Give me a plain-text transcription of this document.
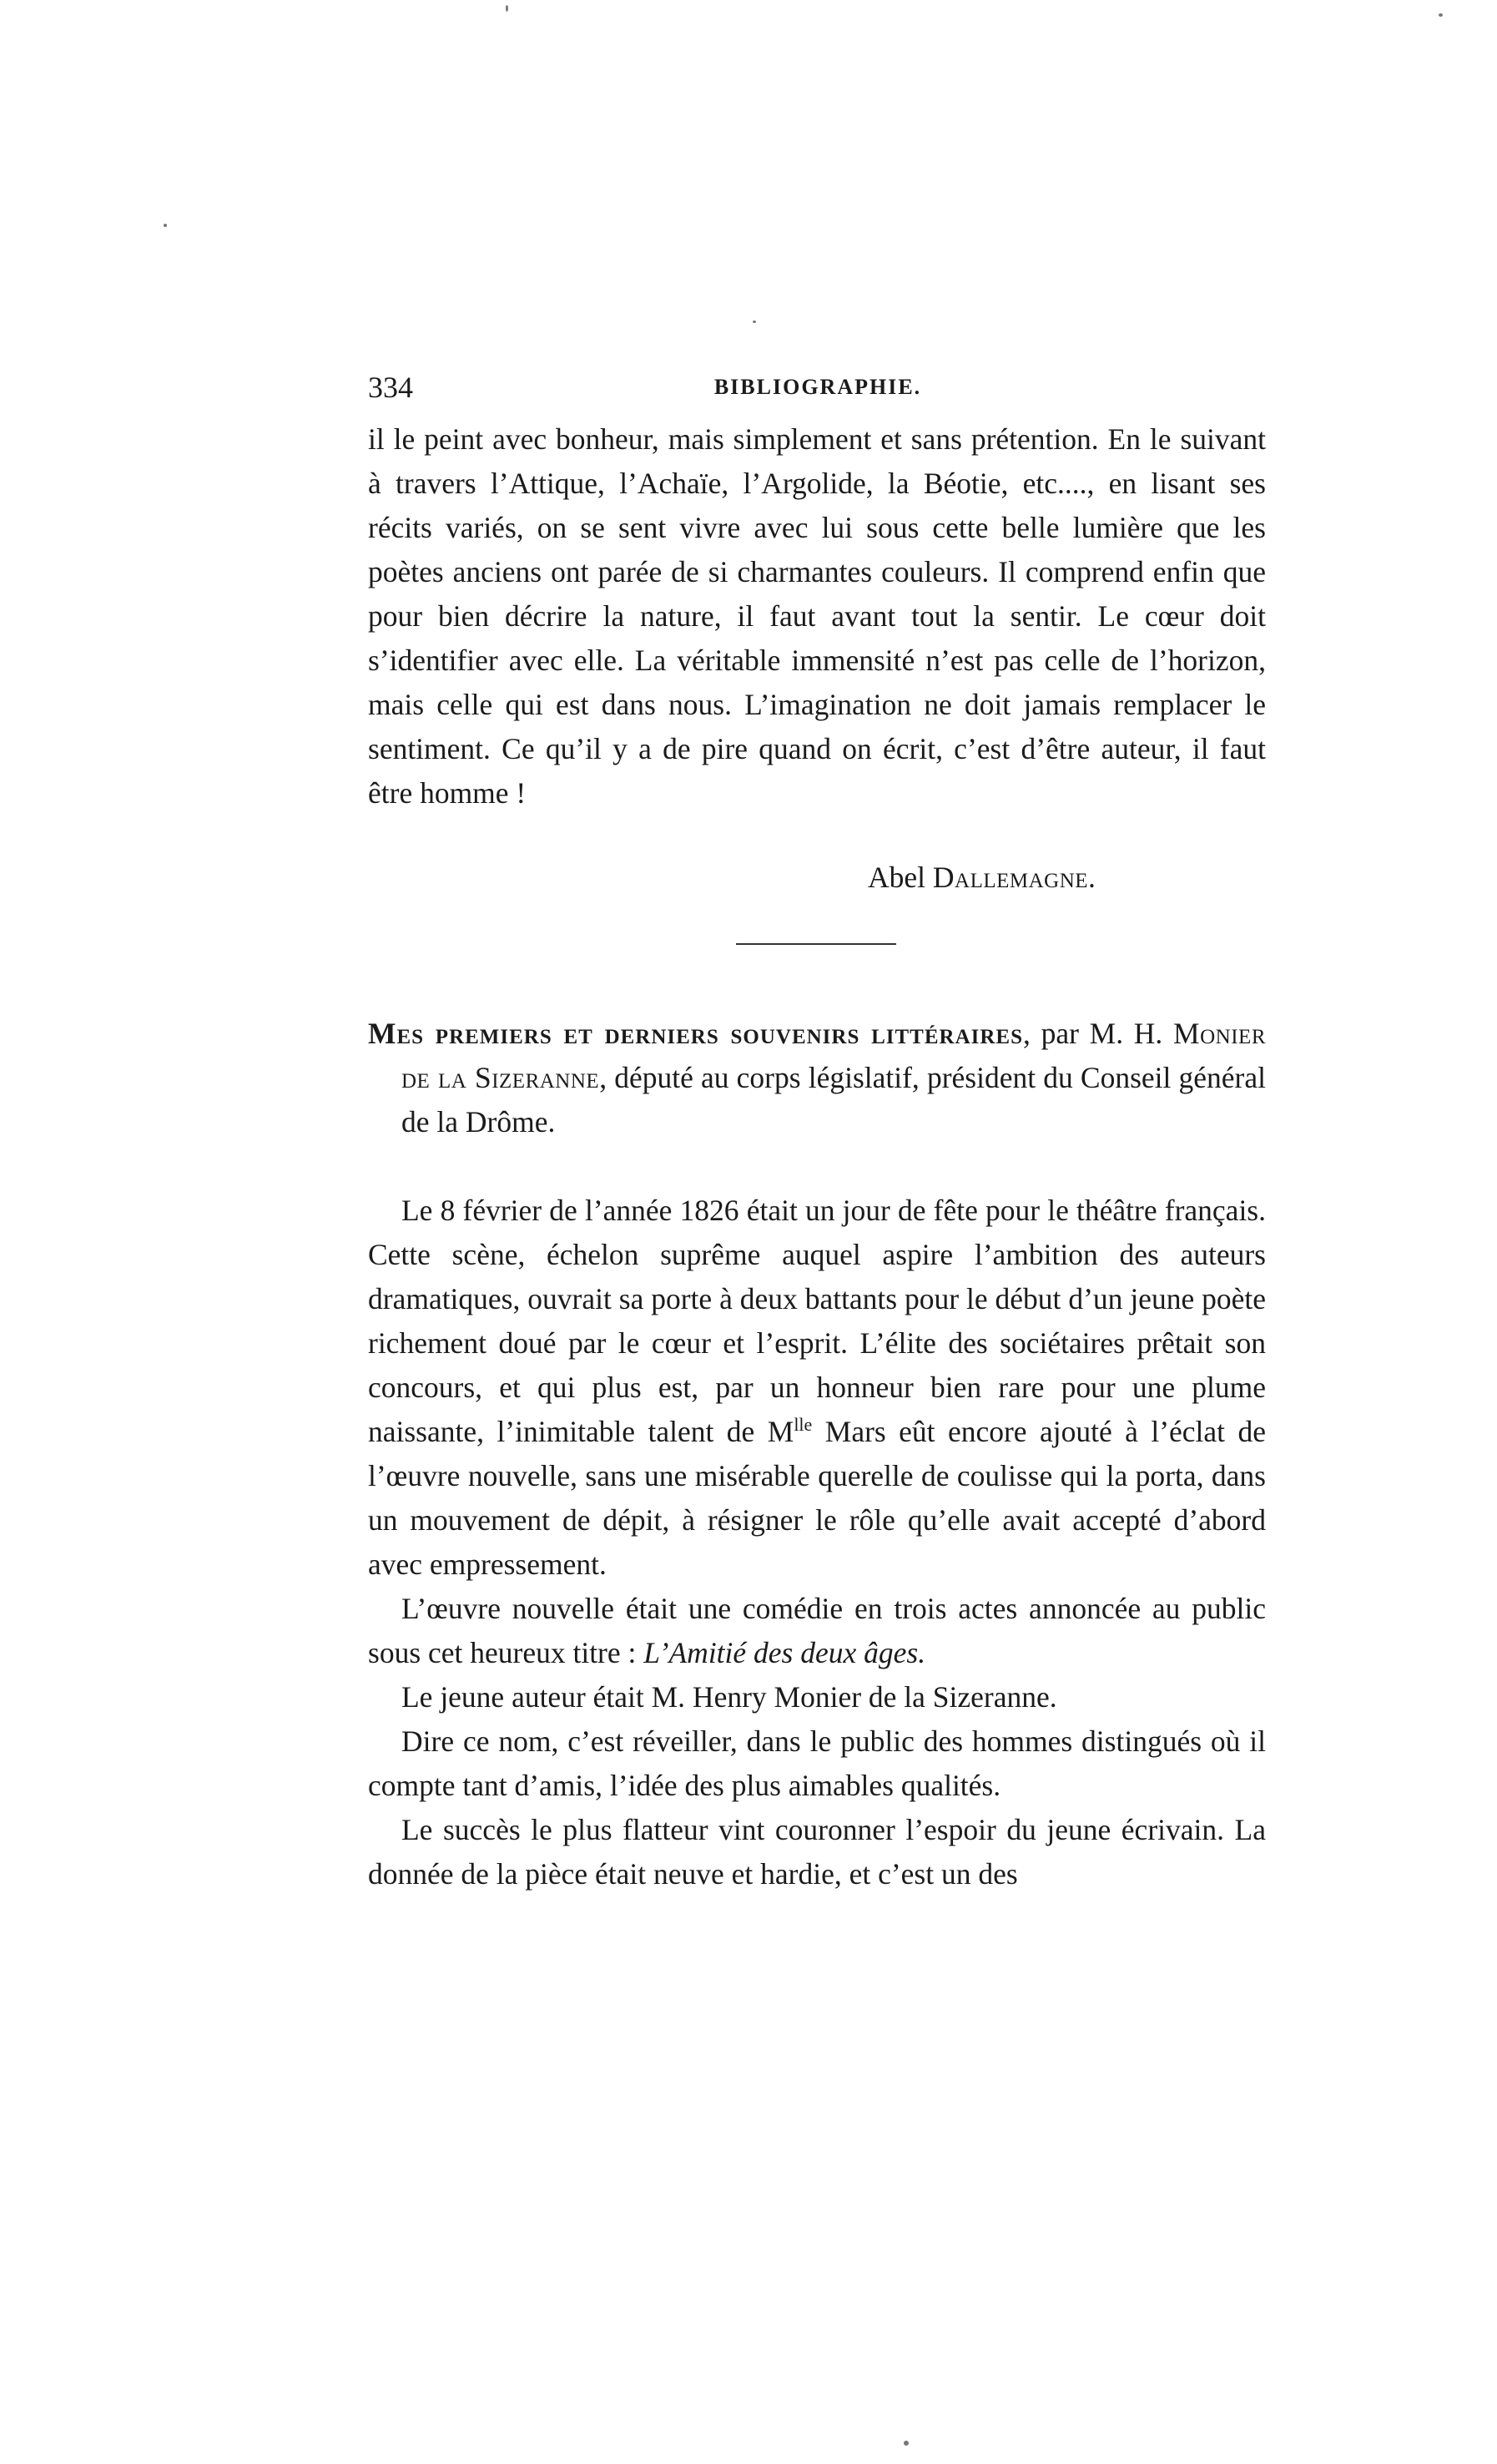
334	BIBLIOGRAPHIE.

il le peint avec bonheur, mais simplement et sans prétention. En le suivant à travers l’Attique, l’Achaïe, l’Argolide, la Béotie, etc...., en lisant ses récits variés, on se sent vivre avec lui sous cette belle lumière que les poètes anciens ont parée de si charmantes couleurs. Il comprend enfin que pour bien décrire la nature, il faut avant tout la sentir. Le cœur doit s’identifier avec elle. La véritable immensité n’est pas celle de l’horizon, mais celle qui est dans nous. L’imagination ne doit jamais remplacer le sentiment. Ce qu’il y a de pire quand on écrit, c’est d’être auteur, il faut être homme !

Abel Dallemagne.
Mes premiers et derniers souvenirs littéraires, par M. H. Monier de la Sizeranne, député au corps législatif, président du Conseil général de la Drôme.

Le 8 février de l’année 1826 était un jour de fête pour le théâtre français. Cette scène, échelon suprême auquel aspire l’ambition des auteurs dramatiques, ouvrait sa porte à deux battants pour le début d’un jeune poète richement doué par le cœur et l’esprit. L’élite des sociétaires prêtait son concours, et qui plus est, par un honneur bien rare pour une plume naissante, l’inimitable talent de $M^{lle}$ Mars eût encore ajouté à l’éclat de l’œuvre nouvelle, sans une misérable querelle de coulisse qui la porta, dans un mouvement de dépit, à résigner le rôle qu’elle avait accepté d’abord avec empressement.

L’œuvre nouvelle était une comédie en trois actes annoncée au public sous cet heureux titre : L’Amitié des deux âges.

Le jeune auteur était M. Henry Monier de la Sizeranne.

Dire ce nom, c’est réveiller, dans le public des hommes distingués où il compte tant d’amis, l’idée des plus aimables qualités.

Le succès le plus flatteur vint couronner l’espoir du jeune écrivain. La donnée de la pièce était neuve et hardie, et c’est un des
